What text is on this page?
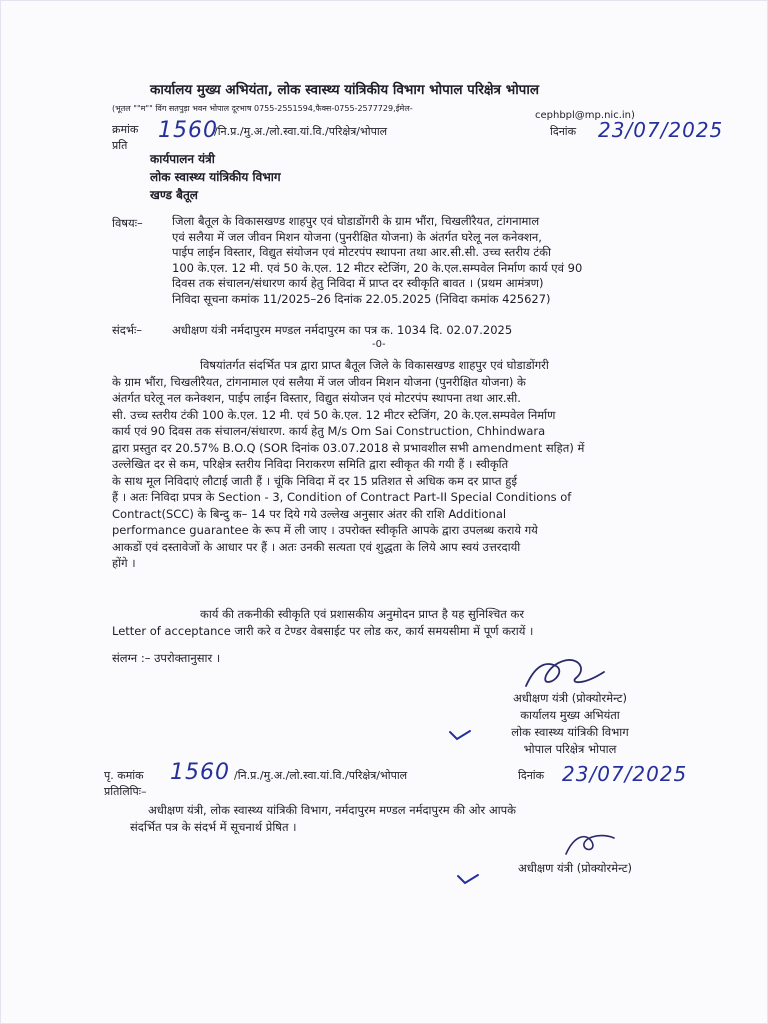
कार्यालय मुख्य अभियंता, लोक स्वास्थ्य यांत्रिकीय विभाग भोपाल परिक्षेत्र भोपाल
(भूतल ""म"" विंग सतपुड़ा भवन भोपाल दूरभाष 0755-2551594,फैक्स-0755-2577729,ईमेल-
cephbpl@mp.nic.in)
क्रमांक
प्रति
1560
/नि.प्र./मु.अ./लो.स्वा.यां.वि./परिक्षेत्र/भोपाल	दिनांक 23/07/2025
कार्यपालन यंत्री
लोक स्वास्थ्य यांत्रिकीय विभाग
खण्ड बैतूल
विषयः–	जिला बैतूल के विकासखण्ड शाहपुर एवं घोडाडोंगरी के ग्राम भौंरा, चिखलीरैयत, टांगनामाल
एवं सलैया में जल जीवन मिशन योजना (पुनरीक्षित योजना) के अंतर्गत घरेलू नल कनेक्शन,
पाईप लाईन विस्तार, विद्युत संयोजन एवं मोटरपंप स्थापना तथा आर.सी.सी. उच्च स्तरीय टंकी
100 के.एल. 12 मी. एवं 50 के.एल. 12 मीटर स्टेजिंग, 20 के.एल.सम्पवेल निर्माण कार्य एवं 90
दिवस तक संचालन/संधारण कार्य हेतु निविदा में प्राप्त दर स्वीकृति बावत । (प्रथम आमंत्रण)
निविदा सूचना कमांक 11/2025–26 दिनांक 22.05.2025 (निविदा कमांक 425627)
संदर्भः–	अधीक्षण यंत्री नर्मदापुरम मण्डल नर्मदापुरम का पत्र क. 1034 दि. 02.07.2025
-0-
विषयांतर्गत संदर्भित पत्र द्वारा प्राप्त बैतूल जिले के विकासखण्ड शाहपुर एवं घोडाडोंगरी
के ग्राम भौंरा, चिखलीरैयत, टांगनामाल एवं सलैया में जल जीवन मिशन योजना (पुनरीक्षित योजना) के
अंतर्गत घरेलू नल कनेक्शन, पाईप लाईन विस्तार, विद्युत संयोजन एवं मोटरपंप स्थापना तथा आर.सी.
सी. उच्च स्तरीय टंकी 100 के.एल. 12 मी. एवं 50 के.एल. 12 मीटर स्टेजिंग, 20 के.एल.सम्पवेल निर्माण
कार्य एवं 90 दिवस तक संचालन/संधारण. कार्य हेतु M/s Om Sai Construction, Chhindwara
द्वारा प्रस्तुत दर 20.57% B.O.Q (SOR दिनांक 03.07.2018 से प्रभावशील सभी amendment सहित) में
उल्लेखित दर से कम, परिक्षेत्र स्तरीय निविदा निराकरण समिति द्वारा स्वीकृत की गयी हैं । स्वीकृति
के साथ मूल निविदाएं लौटाई जाती हैं । चूंकि निविदा में दर 15 प्रतिशत से अधिक कम दर प्राप्त हुई
हैं । अतः निविदा प्रपत्र के Section - 3, Condition of Contract Part-II Special Conditions of
Contract(SCC) के बिन्दु क– 14 पर दिये गये उल्लेख अनुसार अंतर की राशि Additional
performance guarantee के रूप में ली जाए । उपरोक्त स्वीकृति आपके द्वारा उपलब्ध कराये गये
आकडों एवं दस्तावेजों के आधार पर हैं । अतः उनकी सत्यता एवं शुद्धता के लिये आप स्वयं उत्तरदायी
होंगे ।
कार्य की तकनीकी स्वीकृति एवं प्रशासकीय अनुमोदन प्राप्त है यह सुनिश्चित कर
Letter of acceptance जारी करे व टेण्डर वेबसाईट पर लोड कर, कार्य समयसीमा में पूर्ण करायें ।
संलग्न :– उपरोक्तानुसार ।
अधीक्षण यंत्री (प्रोक्योरमेन्ट)
कार्यालय मुख्य अभियंता
लोक स्वास्थ्य यांत्रिकी विभाग
भोपाल परिक्षेत्र भोपाल
पृ. कमांक
प्रतिलिपिः–
1560 /नि.प्र./मु.अ./लो.स्वा.यां.वि./परिक्षेत्र/भोपाल	दिनांक 23/07/2025
अधीक्षण यंत्री, लोक स्वास्थ्य यांत्रिकी विभाग, नर्मदापुरम मण्डल नर्मदापुरम की ओर आपके
संदर्भित पत्र के संदर्भ में सूचनार्थ प्रेषित ।
अधीक्षण यंत्री (प्रोक्योरमेन्ट)
